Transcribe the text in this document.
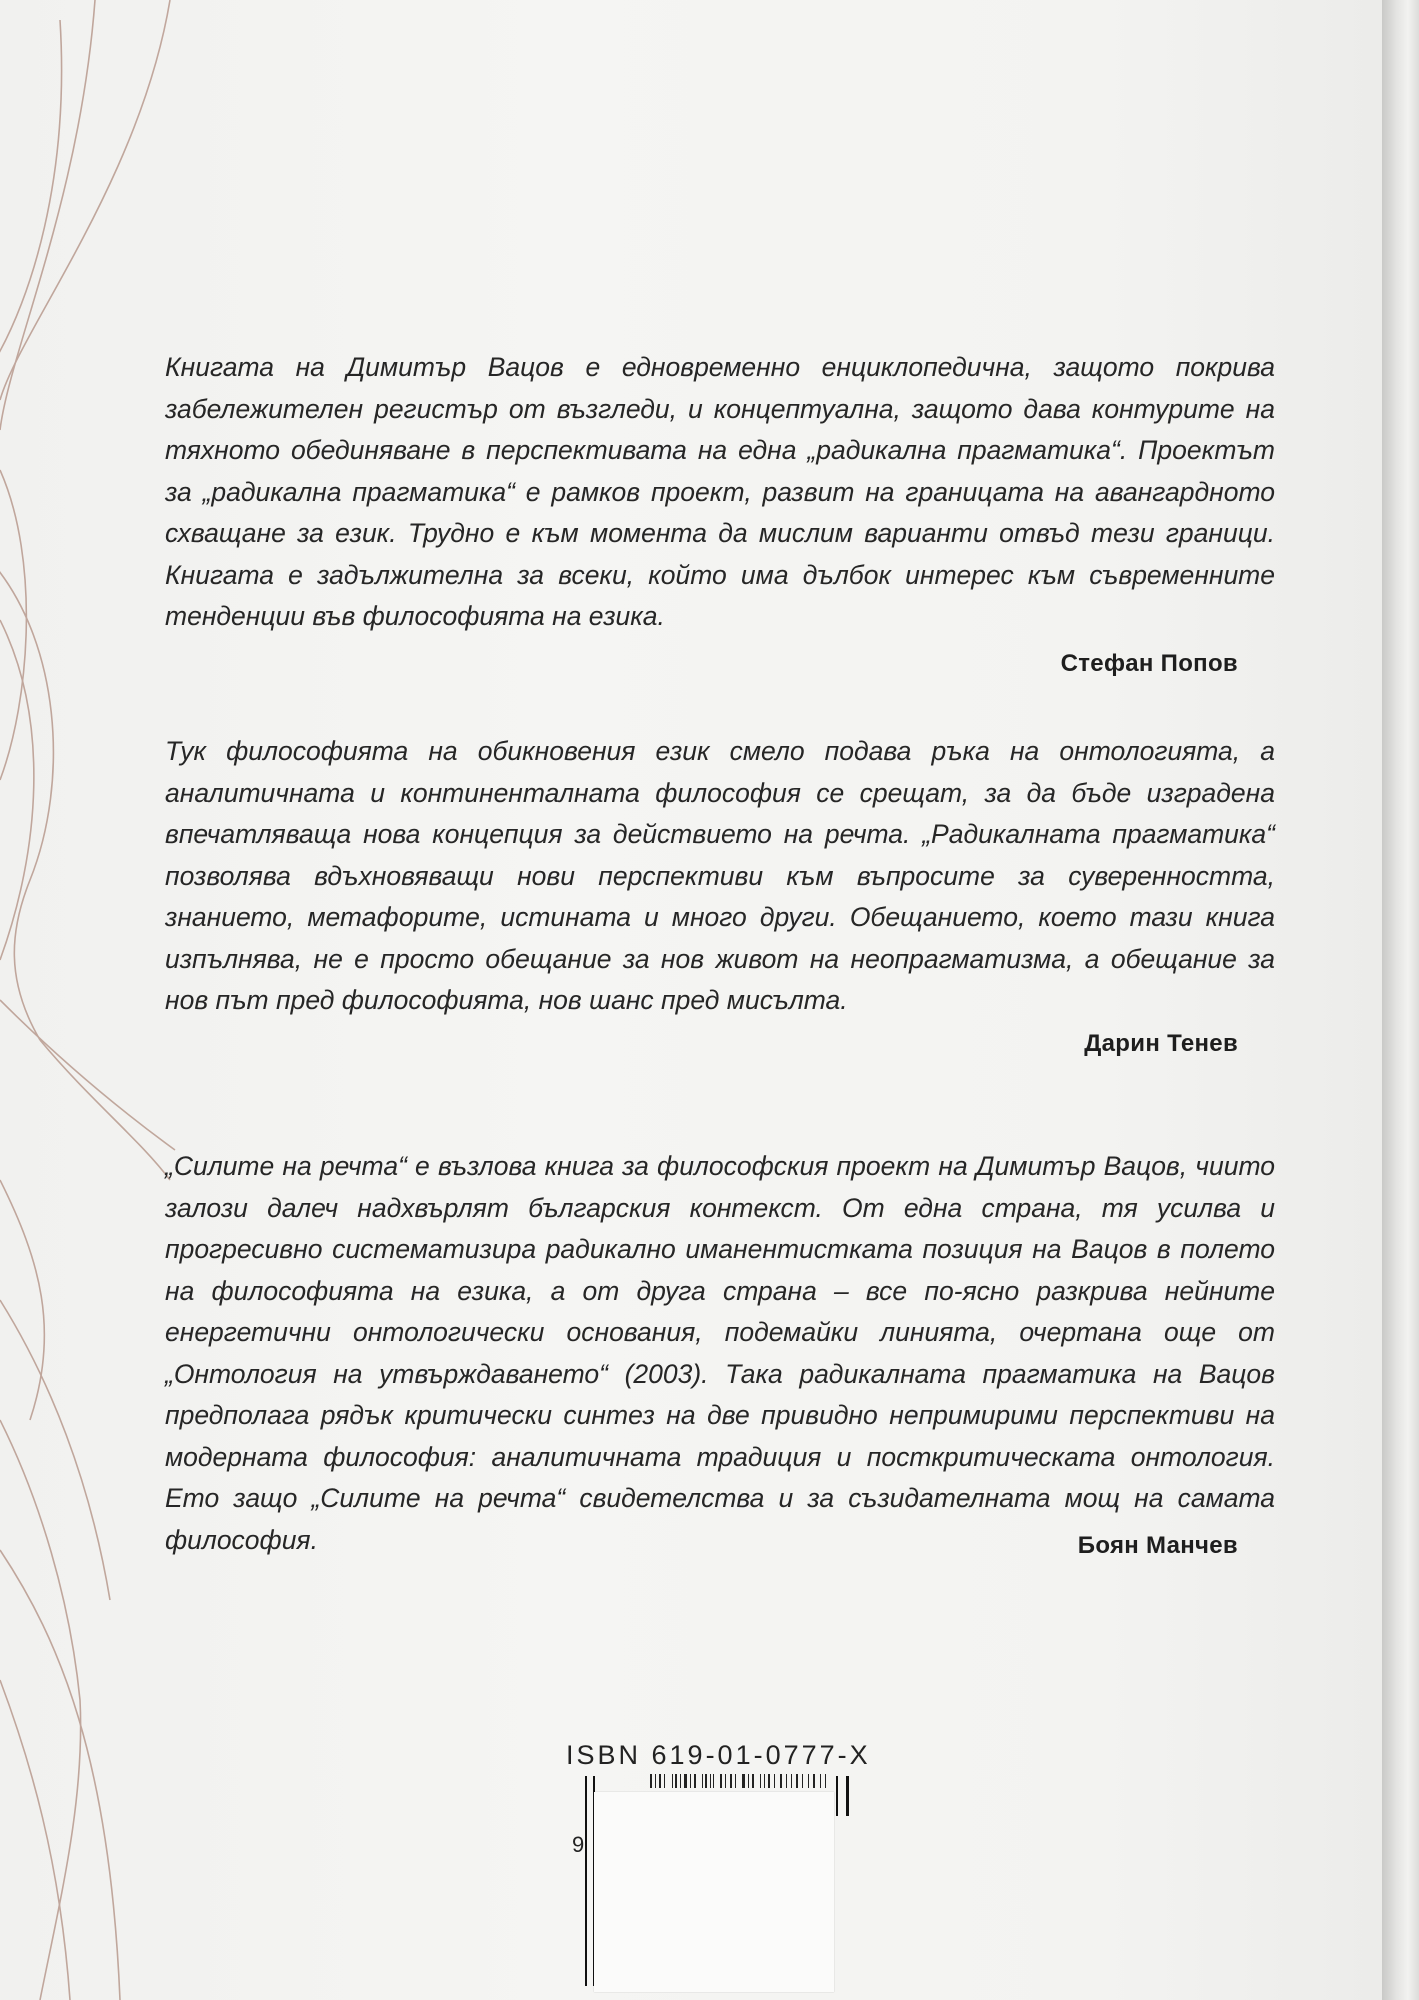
Книгата на Димитър Вацов е едновременно енциклопедична, защото покрива забележителен регистър от възгледи, и концептуална, защото дава контурите на тяхното обединяване в перспективата на една „радикална прагматика“. Проектът за „радикална прагматика“ е рамков проект, развит на границата на авангардното схващане за език. Трудно е към момента да мислим варианти отвъд тези граници. Книгата е задължителна за всеки, който има дълбок интерес към съвременните тенденции във философията на езика.

Стефан Попов

Тук философията на обикновения език смело подава ръка на онтологията, а аналитичната и континенталната философия се срещат, за да бъде изградена впечатляваща нова концепция за действието на речта. „Радикалната прагматика“ позволява вдъхновяващи нови перспективи към въпросите за суверенността, знанието, метафорите, истината и много други. Обещанието, което тази книга изпълнява, не е просто обещание за нов живот на неопрагматизма, а обещание за нов път пред философията, нов шанс пред мисълта.

Дарин Тенев

„Силите на речта“ е възлова книга за философския проект на Димитър Вацов, чиито залози далеч надхвърлят българския контекст. От една страна, тя усилва и прогресивно систематизира радикално иманентисткaта позиция на Вацов в полето на философията на езика, а от друга страна – все по-ясно разкрива нейните енергетични онтологически основания, подемайки линията, очертана още от „Онтология на утвърждаването“ (2003). Така радикалната прагматика на Вацов предполага рядък критически синтез на две привидно непримирими перспективи на модерната философия: аналитичната традиция и посткритическата онтология. Ето защо „Силите на речта“ свидетелства и за съзидателната мощ на самата философия.	Боян Манчев

ISBN 619-01-0777-X
9
